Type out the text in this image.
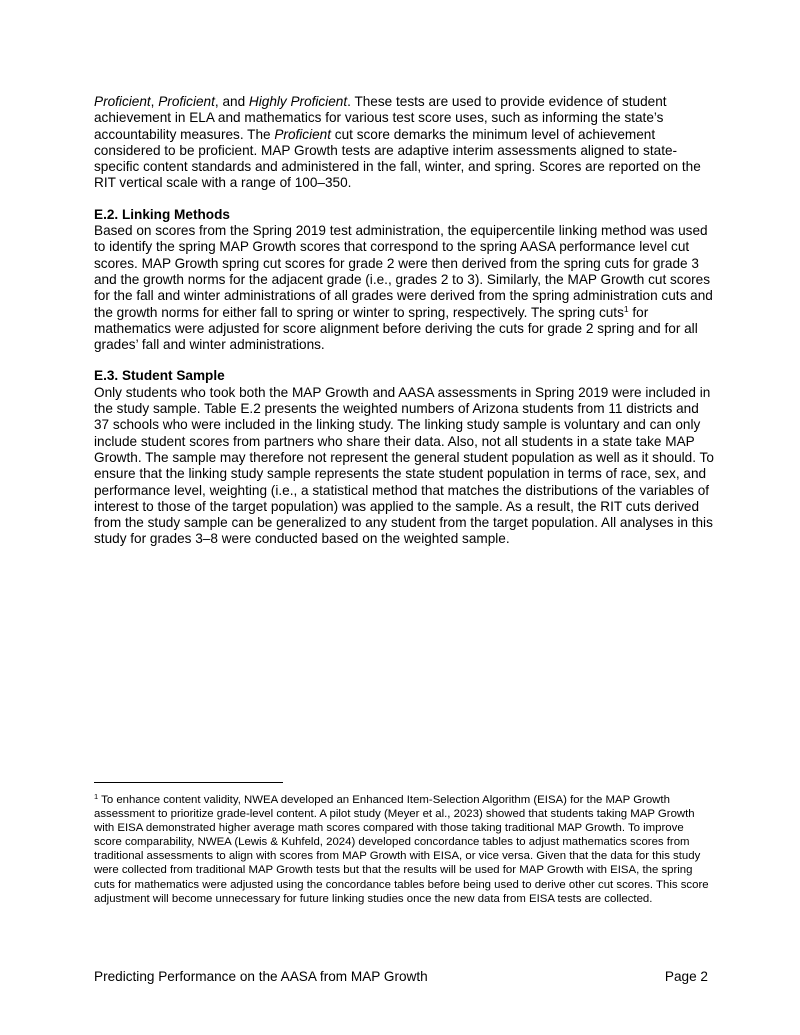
Proficient, Proficient, and Highly Proficient. These tests are used to provide evidence of student achievement in ELA and mathematics for various test score uses, such as informing the state’s accountability measures. The Proficient cut score demarks the minimum level of achievement considered to be proficient. MAP Growth tests are adaptive interim assessments aligned to state-specific content standards and administered in the fall, winter, and spring. Scores are reported on the RIT vertical scale with a range of 100–350.

E.2. Linking Methods

Based on scores from the Spring 2019 test administration, the equipercentile linking method was used to identify the spring MAP Growth scores that correspond to the spring AASA performance level cut scores. MAP Growth spring cut scores for grade 2 were then derived from the spring cuts for grade 3 and the growth norms for the adjacent grade (i.e., grades 2 to 3). Similarly, the MAP Growth cut scores for the fall and winter administrations of all grades were derived from the spring administration cuts and the growth norms for either fall to spring or winter to spring, respectively. The spring cuts$^1$ for mathematics were adjusted for score alignment before deriving the cuts for grade 2 spring and for all grades’ fall and winter administrations.

E.3. Student Sample

Only students who took both the MAP Growth and AASA assessments in Spring 2019 were included in the study sample. Table E.2 presents the weighted numbers of Arizona students from 11 districts and 37 schools who were included in the linking study. The linking study sample is voluntary and can only include student scores from partners who share their data. Also, not all students in a state take MAP Growth. The sample may therefore not represent the general student population as well as it should. To ensure that the linking study sample represents the state student population in terms of race, sex, and performance level, weighting (i.e., a statistical method that matches the distributions of the variables of interest to those of the target population) was applied to the sample. As a result, the RIT cuts derived from the study sample can be generalized to any student from the target population. All analyses in this study for grades 3–8 were conducted based on the weighted sample.

$^1$ To enhance content validity, NWEA developed an Enhanced Item-Selection Algorithm (EISA) for the MAP Growth assessment to prioritize grade-level content. A pilot study (Meyer et al., 2023) showed that students taking MAP Growth with EISA demonstrated higher average math scores compared with those taking traditional MAP Growth. To improve score comparability, NWEA (Lewis & Kuhfeld, 2024) developed concordance tables to adjust mathematics scores from traditional assessments to align with scores from MAP Growth with EISA, or vice versa. Given that the data for this study were collected from traditional MAP Growth tests but that the results will be used for MAP Growth with EISA, the spring cuts for mathematics were adjusted using the concordance tables before being used to derive other cut scores. This score adjustment will become unnecessary for future linking studies once the new data from EISA tests are collected.

Predicting Performance on the AASA from MAP Growth	Page 2
